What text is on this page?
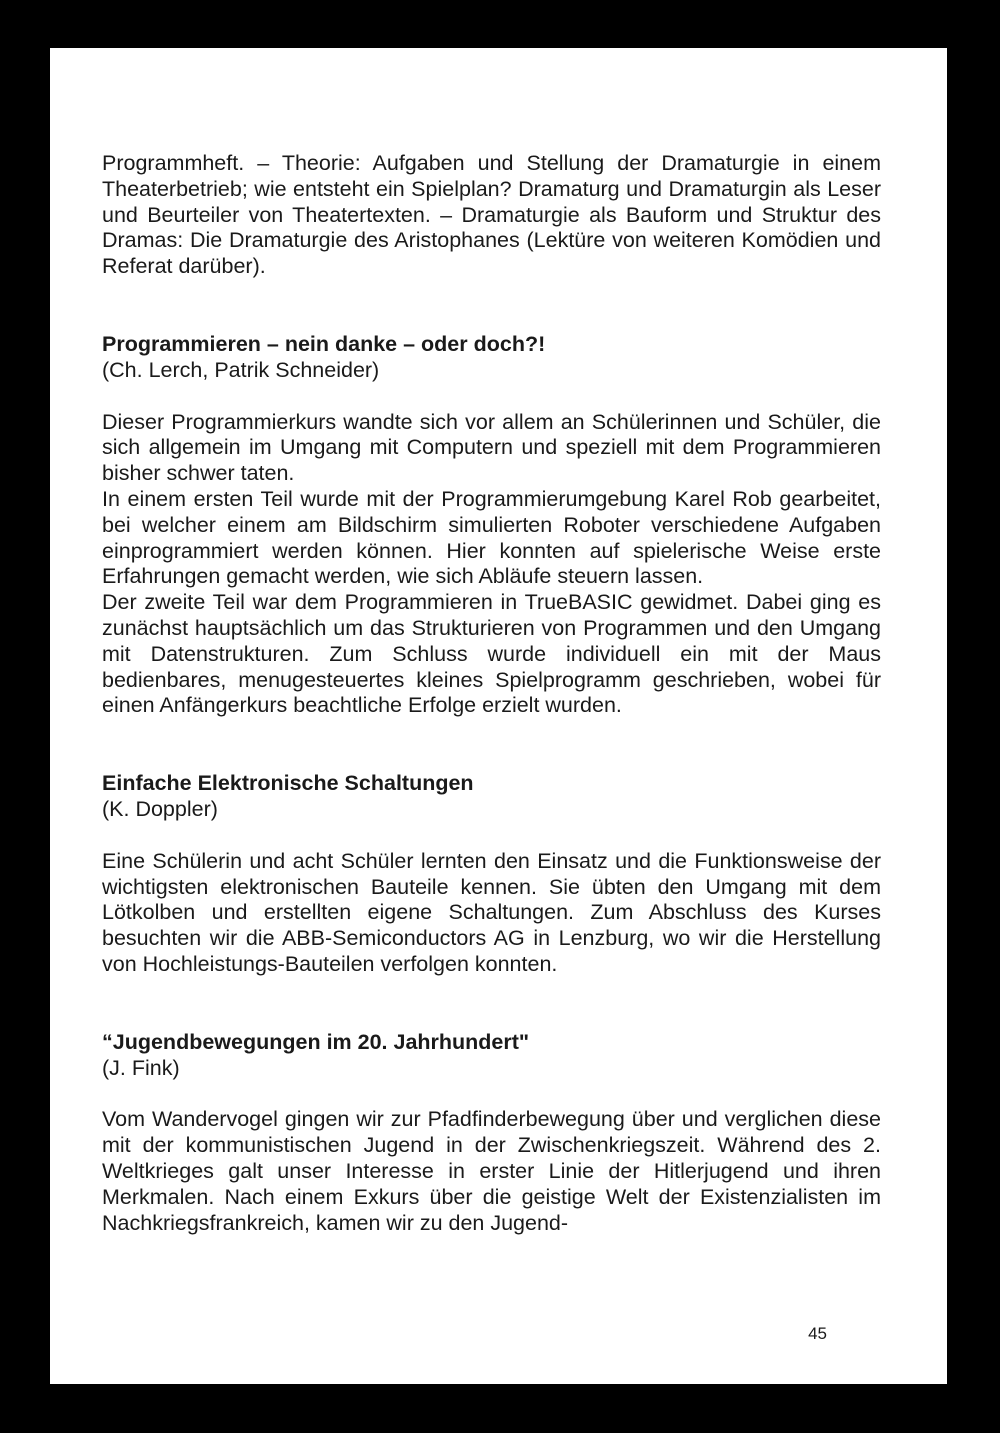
Programmheft. – Theorie: Aufgaben und Stellung der Dramaturgie in einem Theaterbetrieb; wie entsteht ein Spielplan? Dramaturg und Dramaturgin als Leser und Beurteiler von Theatertexten. – Dramaturgie als Bauform und Struktur des Dramas: Die Dramaturgie des Aristophanes (Lektüre von weiteren Komödien und Referat darüber).

Programmieren – nein danke – oder doch?!
(Ch. Lerch, Patrik Schneider)

Dieser Programmierkurs wandte sich vor allem an Schülerinnen und Schüler, die sich allgemein im Umgang mit Computern und speziell mit dem Programmieren bisher schwer taten.

In einem ersten Teil wurde mit der Programmierumgebung Karel Rob gearbeitet, bei welcher einem am Bildschirm simulierten Roboter verschiedene Aufgaben einprogrammiert werden können. Hier konnten auf spielerische Weise erste Erfahrungen gemacht werden, wie sich Abläufe steuern lassen.

Der zweite Teil war dem Programmieren in TrueBASIC gewidmet. Dabei ging es zunächst hauptsächlich um das Strukturieren von Programmen und den Umgang mit Datenstrukturen. Zum Schluss wurde individuell ein mit der Maus bedienbares, menugesteuertes kleines Spielprogramm geschrieben, wobei für einen Anfängerkurs beachtliche Erfolge erzielt wurden.

Einfache Elektronische Schaltungen
(K. Doppler)

Eine Schülerin und acht Schüler lernten den Einsatz und die Funktionsweise der wichtigsten elektronischen Bauteile kennen. Sie übten den Umgang mit dem Lötkolben und erstellten eigene Schaltungen. Zum Abschluss des Kurses besuchten wir die ABB-Semiconductors AG in Lenzburg, wo wir die Herstellung von Hochleistungs-Bauteilen verfolgen konnten.

“Jugendbewegungen im 20. Jahrhundert"
(J. Fink)

Vom Wandervogel gingen wir zur Pfadfinderbewegung über und verglichen diese mit der kommunistischen Jugend in der Zwischenkriegszeit. Während des 2. Weltkrieges galt unser Interesse in erster Linie der Hitlerjugend und ihren Merkmalen. Nach einem Exkurs über die geistige Welt der Existenzialisten im Nachkriegsfrankreich, kamen wir zu den Jugend-

45
